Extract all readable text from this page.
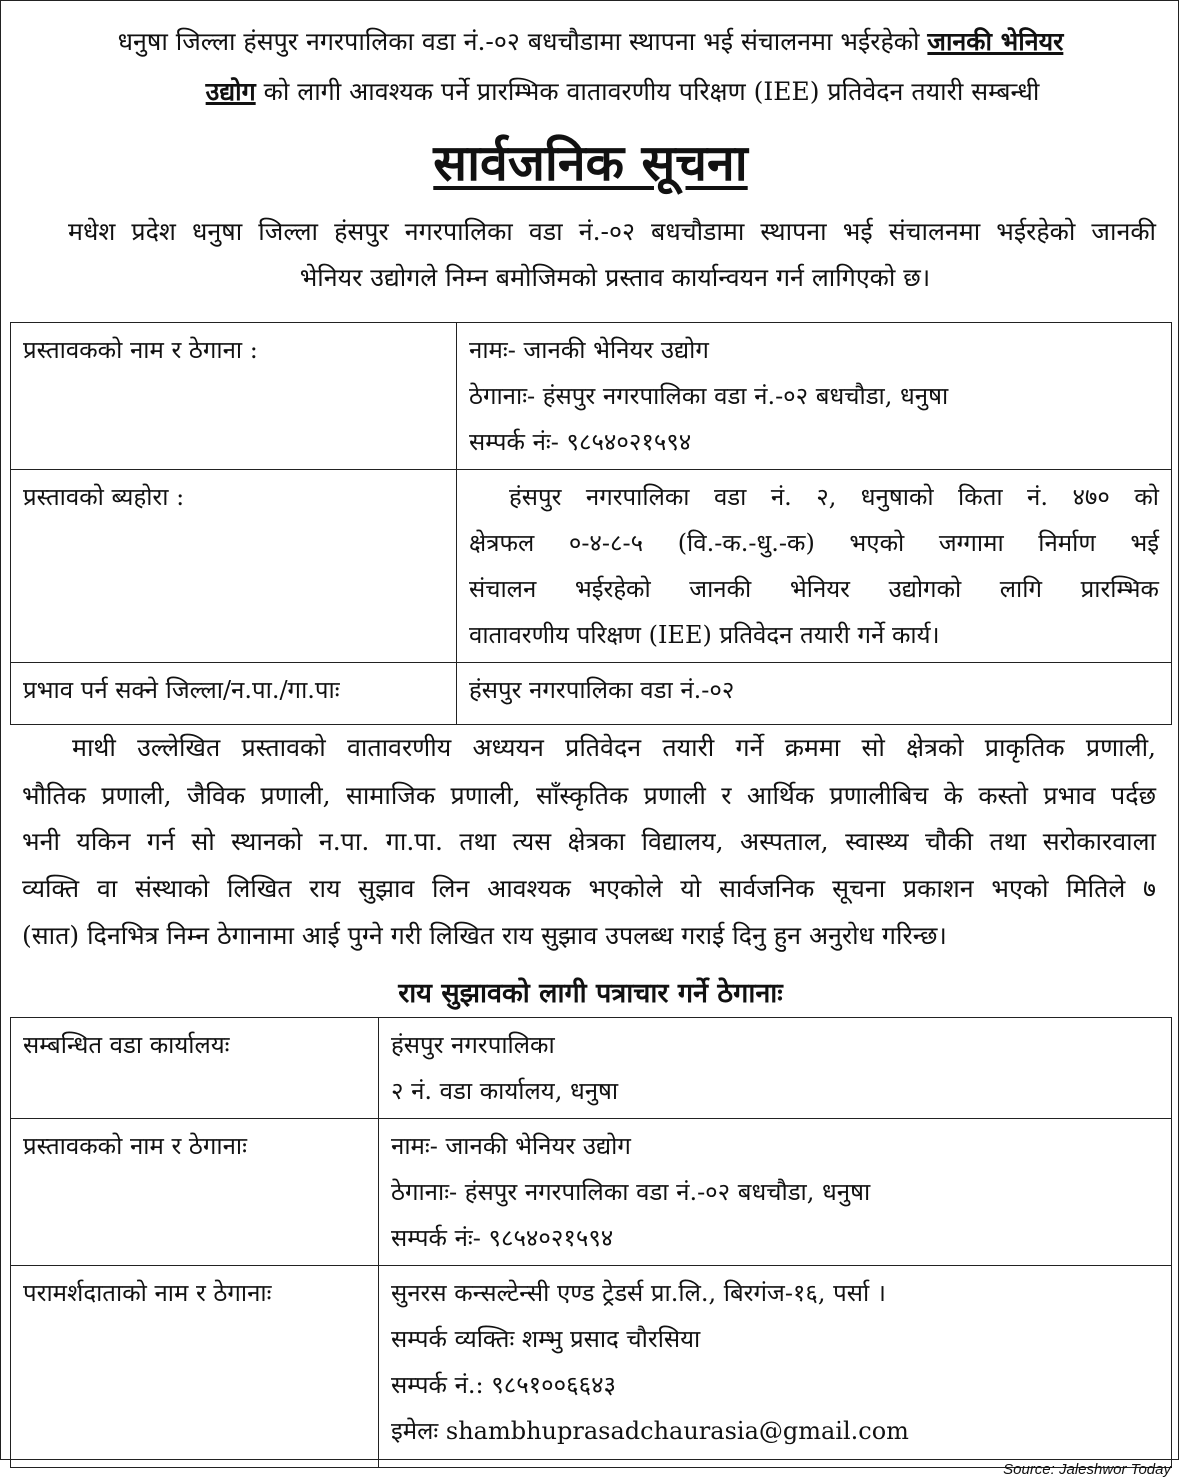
धनुषा जिल्ला हंसपुर नगरपालिका वडा नं.-०२ बधचौडामा स्थापना भई संचालनमा भईरहेको जानकी भेनियर
उद्योग को लागी आवश्यक पर्ने प्रारम्भिक वातावरणीय परिक्षण (IEE) प्रतिवेदन तयारी सम्बन्धी
सार्वजनिक सूचना
मधेश प्रदेश धनुषा जिल्ला हंसपुर नगरपालिका वडा नं.-०२ बधचौडामा स्थापना भई संचालनमा भईरहेको जानकी
भेनियर उद्योगले निम्न बमोजिमको प्रस्ताव कार्यान्वयन गर्न लागिएको छ।
प्रस्तावकको नाम र ठेगाना :	नामः- जानकी भेनियर उद्योग
ठेगानाः- हंसपुर नगरपालिका वडा नं.-०२ बधचौडा, धनुषा
सम्पर्क नंः- ९८५४०२१५९४

प्रस्तावको ब्यहोरा :	हंसपुर नगरपालिका वडा नं. २, धनुषाको किता नं. ४७० को
क्षेत्रफल ०-४-८-५ (वि.-क.-धु.-क) भएको जग्गामा निर्माण भई
संचालन भईरहेको जानकी भेनियर उद्योगको लागि प्रारम्भिक
वातावरणीय परिक्षण (IEE) प्रतिवेदन तयारी गर्ने कार्य।

प्रभाव पर्न सक्ने जिल्ला/न.पा./गा.पाः	हंसपुर नगरपालिका वडा नं.-०२
माथी उल्लेखित प्रस्तावको वातावरणीय अध्ययन प्रतिवेदन तयारी गर्ने क्रममा सो क्षेत्रको प्राकृतिक प्रणाली,
भौतिक प्रणाली, जैविक प्रणाली, सामाजिक प्रणाली, साँस्कृतिक प्रणाली र आर्थिक प्रणालीबिच के कस्तो प्रभाव पर्दछ
भनी यकिन गर्न सो स्थानको न.पा. गा.पा. तथा त्यस क्षेत्रका विद्यालय, अस्पताल, स्वास्थ्य चौकी तथा सरोकारवाला
व्यक्ति वा संस्थाको लिखित राय सुझाव लिन आवश्यक भएकोले यो सार्वजनिक सूचना प्रकाशन भएको मितिले ७
(सात) दिनभित्र निम्न ठेगानामा आई पुग्ने गरी लिखित राय सुझाव उपलब्ध गराई दिनु हुन अनुरोध गरिन्छ।
राय सुझावको लागी पत्राचार गर्ने ठेगानाः
सम्बन्धित वडा कार्यालयः	हंसपुर नगरपालिका
२ नं. वडा कार्यालय, धनुषा

प्रस्तावकको नाम र ठेगानाः	नामः- जानकी भेनियर उद्योग
ठेगानाः- हंसपुर नगरपालिका वडा नं.-०२ बधचौडा, धनुषा
सम्पर्क नंः- ९८५४०२१५९४

परामर्शदाताको नाम र ठेगानाः	सुनरस कन्सल्टेन्सी एण्ड ट्रेडर्स प्रा.लि., बिरगंज-१६, पर्सा ।
सम्पर्क व्यक्तिः शम्भु प्रसाद चौरसिया
सम्पर्क नं.: ९८५१००६६४३
इमेलः shambhuprasadchaurasia@gmail.com
Source: Jaleshwor Today
